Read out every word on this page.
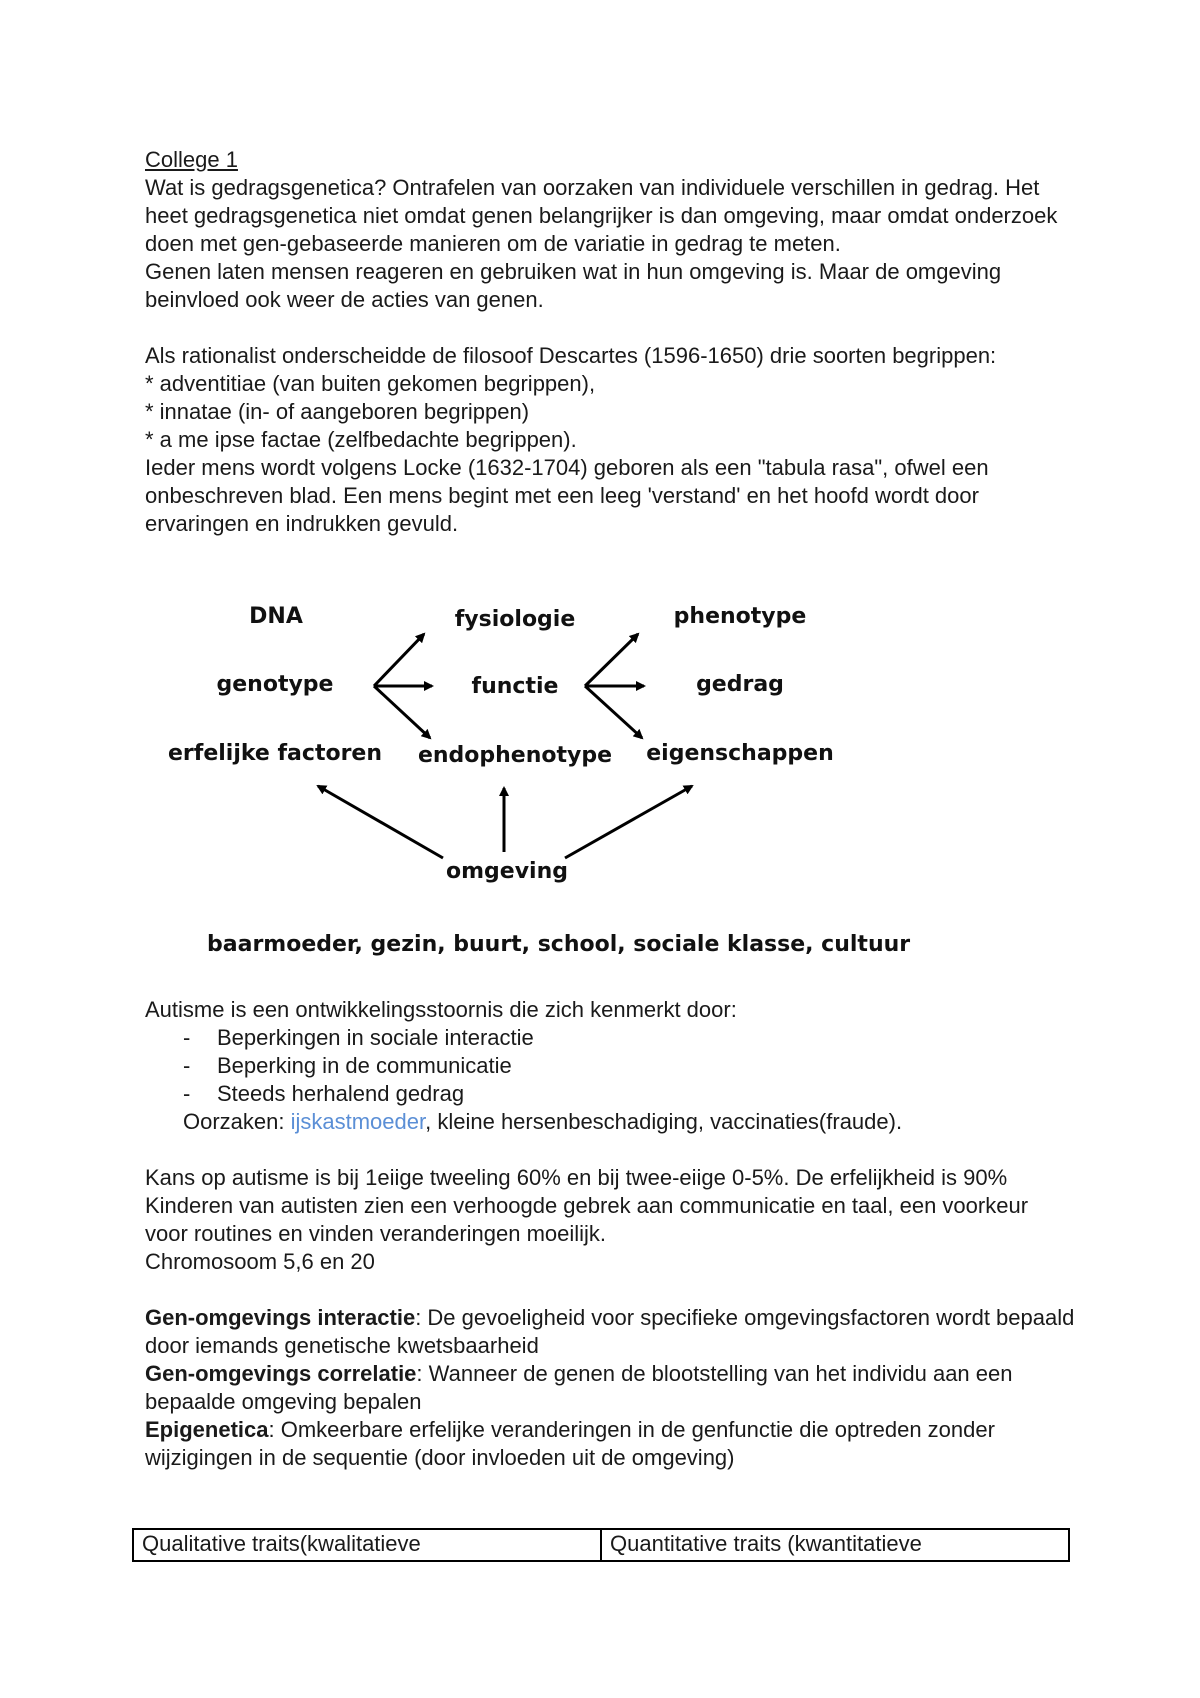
College 1

Wat is gedragsgenetica? Ontrafelen van oorzaken van individuele verschillen in gedrag. Het heet gedragsgenetica niet omdat genen belangrijker is dan omgeving, maar omdat onderzoek doen met gen-gebaseerde manieren om de variatie in gedrag te meten.

Genen laten mensen reageren en gebruiken wat in hun omgeving is. Maar de omgeving beinvloed ook weer de acties van genen.

Als rationalist onderscheidde de filosoof Descartes (1596-1650) drie soorten begrippen:

* adventitiae (van buiten gekomen begrippen),

* innatae (in- of aangeboren begrippen)

* a me ipse factae (zelfbedachte begrippen).

Ieder mens wordt volgens Locke (1632-1704) geboren als een "tabula rasa", ofwel een onbeschreven blad. Een mens begint met een leeg 'verstand' en het hoofd wordt door ervaringen en indrukken gevuld.

DNA
genotype
erfelijke factoren
fysiologie
functie
endophenotype
phenotype
gedrag
eigenschappen
omgeving
baarmoeder, gezin, buurt, school, sociale klasse, cultuur

Autisme is een ontwikkelingsstoornis die zich kenmerkt door:

- Beperkingen in sociale interactie
- Beperking in de communicatie
- Steeds herhalend gedrag

Oorzaken: ijskastmoeder, kleine hersenbeschadiging, vaccinaties(fraude).

Kans op autisme is bij 1eiige tweeling 60% en bij twee-eiige 0-5%. De erfelijkheid is 90%

Kinderen van autisten zien een verhoogde gebrek aan communicatie en taal, een voorkeur voor routines en vinden veranderingen moeilijk.

Chromosoom 5,6 en 20

Gen-omgevings interactie: De gevoeligheid voor specifieke omgevingsfactoren wordt bepaald door iemands genetische kwetsbaarheid

Gen-omgevings correlatie: Wanneer de genen de blootstelling van het individu aan een bepaalde omgeving bepalen

Epigenetica: Omkeerbare erfelijke veranderingen in de genfunctie die optreden zonder wijzigingen in de sequentie (door invloeden uit de omgeving)

Qualitative traits(kwalitatieve	Quantitative traits (kwantitatieve
